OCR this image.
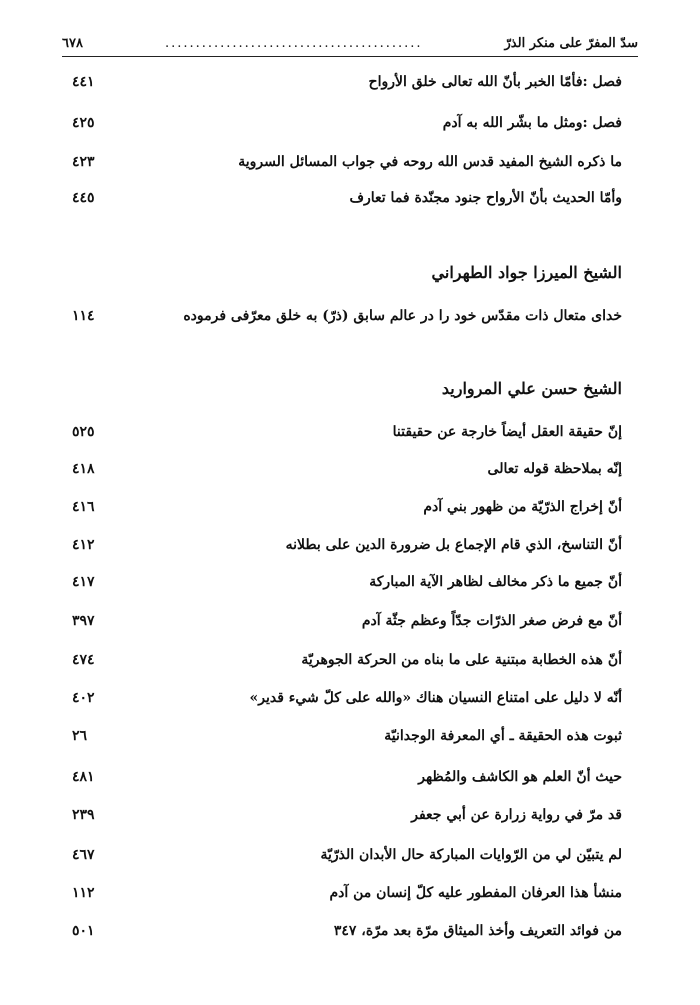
سدّ المفرّ على منكر الذرّ
..........................................
٦٧٨
فصل :فأمّا الخبر بأنّ الله تعالى خلق الأرواح
٤٤١
فصل :ومثل ما بشّر الله به آدم
٤٢٥
ما ذكره الشيخ المفيد قدس الله روحه في جواب المسائل السروية
٤٢٣
وأمّا الحديث بأنّ الأرواح جنود مجنّدة فما تعارف
٤٤٥
الشيخ الميرزا جواد الطهراني
خداى متعال ذات مقدّس خود را در عالم سابق (ذرّ) به خلق معرّفى فرموده
١١٤
الشيخ حسن علي المرواريد
إنّ حقيقة العقل أيضاً خارجة عن حقيقتنا
٥٢٥
إنّه بملاحظة قوله تعالى
٤١٨
أنّ إخراج الذرّيّة من ظهور بني آدم
٤١٦
أنّ التناسخ، الذي قام الإجماع بل ضرورة الدين على بطلانه
٤١٢
أنّ جميع ما ذكر مخالف لظاهر الآية المباركة
٤١٧
أنّ مع فرض صغر الذرّات جدّاً وعظم جثّة آدم
٣٩٧
أنّ هذه الخطابة مبتنية على ما بناه من الحركة الجوهريّة
٤٧٤
أنّه لا دليل على امتناع النسيان هناك «والله على كلّ شيء قدير»
٤٠٢
ثبوت هذه الحقيقة ـ أي المعرفة الوجدانيّة
٢٦
حيث أنّ العلم هو الكاشف والمُظهر
٤٨١
قد مرّ في رواية زرارة عن أبي جعفر
٢٣٩
لم يتبيّن لي من الرّوايات المباركة حال الأبدان الذرّيّة
٤٦٧
منشأ هذا العرفان المفطور عليه كلّ إنسان من آدم
١١٢
من فوائد التعريف وأخذ الميثاق مرّة بعد مرّة، ٣٤٧
٥٠١
